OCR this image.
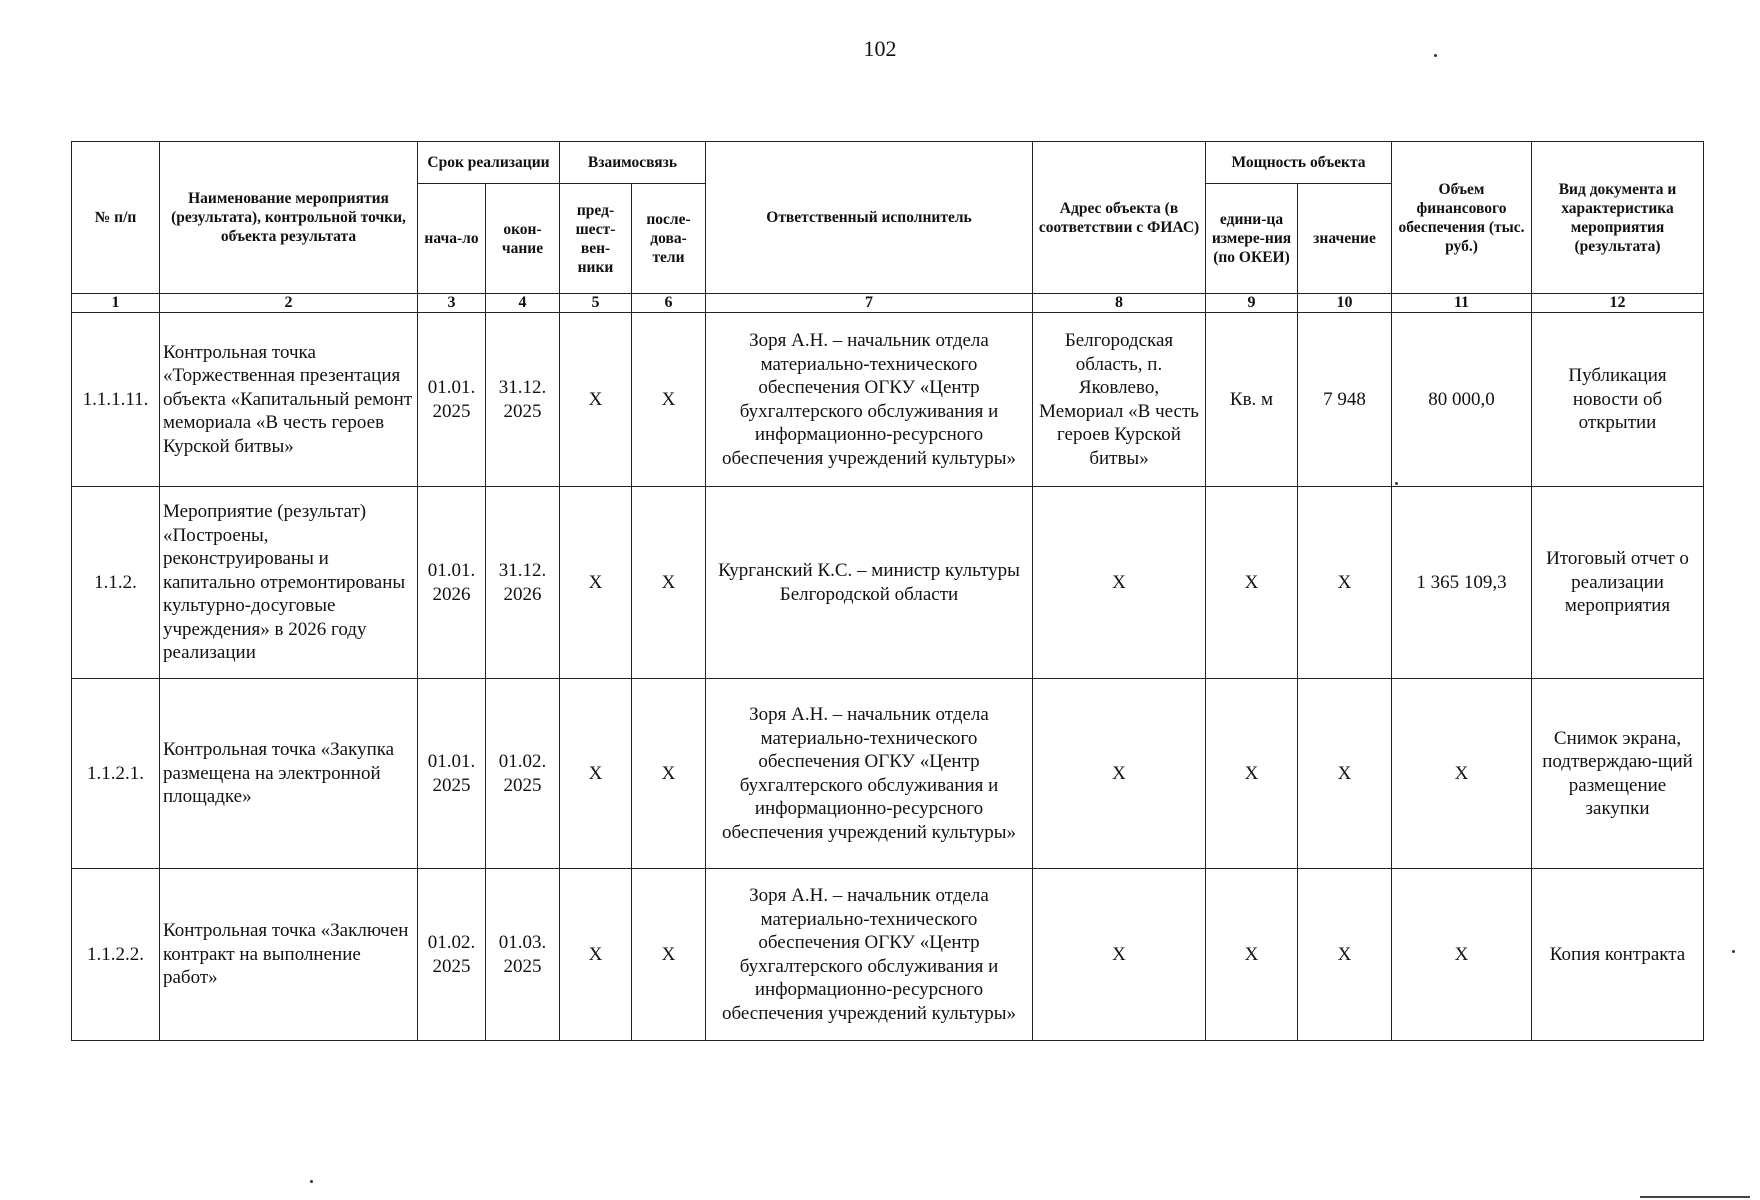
102
№ п/п	Наименование мероприятия (результата), контрольной точки, объекта результата	Срок реализации		Взаимосвязь		Ответственный исполнитель	Адрес объекта (в соответствии с ФИАС)	Мощность объекта		Объем финансового обеспечения (тыс. руб.)	Вид документа и характеристика мероприятия (результата)
		нача-ло	окон-чание	пред-шест-вен-ники	после-дова-тели			едини-ца измере-ния (по ОКЕИ)	значение		
1	2	3	4	5	6	7	8	9	10	11	12
1.1.1.11.	Контрольная точка «Торжественная презентация объекта «Капитальный ремонт мемориала «В честь героев Курской битвы»	01.01. 2025	31.12. 2025	Х	Х	Зоря А.Н. – начальник отдела материально-технического обеспечения ОГКУ «Центр бухгалтерского обслуживания и информационно-ресурсного обеспечения учреждений культуры»	Белгородская область, п. Яковлево, Мемориал «В честь героев Курской битвы»	Кв. м	7 948	80 000,0	Публикация новости об открытии
1.1.2.	Мероприятие (результат) «Построены, реконструированы и капитально отремонтированы культурно-досуговые учреждения» в 2026 году реализации	01.01. 2026	31.12. 2026	Х	Х	Курганский К.С. – министр культуры Белгородской области	Х	Х	Х	1 365 109,3	Итоговый отчет о реализации мероприятия
1.1.2.1.	Контрольная точка «Закупка размещена на электронной площадке»	01.01. 2025	01.02. 2025	Х	Х	Зоря А.Н. – начальник отдела материально-технического обеспечения ОГКУ «Центр бухгалтерского обслуживания и информационно-ресурсного обеспечения учреждений культуры»	Х	Х	Х	Х	Снимок экрана, подтверждаю-щий размещение закупки
1.1.2.2.	Контрольная точка «Заключен контракт на выполнение работ»	01.02. 2025	01.03. 2025	Х	Х	Зоря А.Н. – начальник отдела материально-технического обеспечения ОГКУ «Центр бухгалтерского обслуживания и информационно-ресурсного обеспечения учреждений культуры»	Х	Х	Х	Х	Копия контракта
